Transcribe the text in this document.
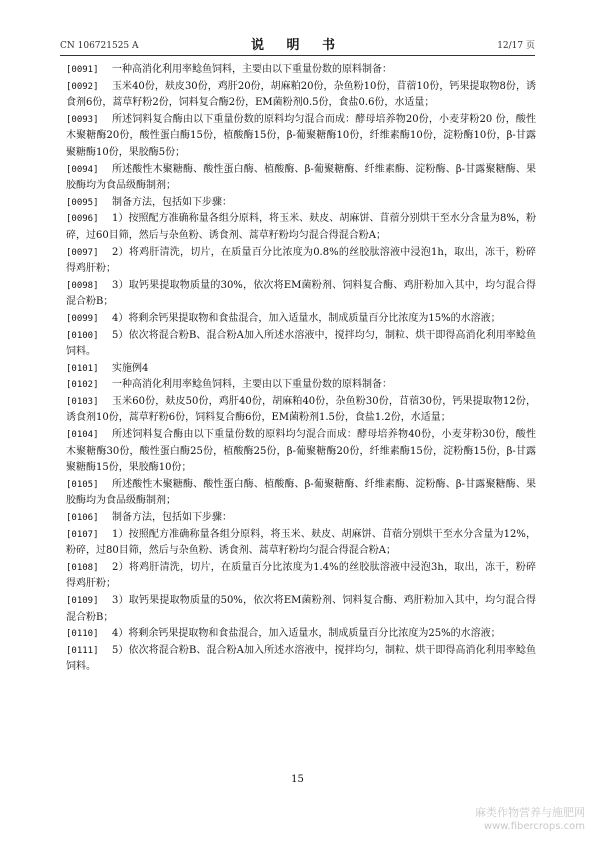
CN 106721525 A	说 明 书	12/17 页

[0091] 一种高消化利用率鲶鱼饲料，主要由以下重量份数的原料制备：

[0092] 玉米40份，麸皮30份，鸡肝20份，胡麻粕20份，杂鱼粉10份，苜蓿10份，钙果提取物8份，诱食剂6份，蒿草籽粉2份，饲料复合酶2份，EM菌粉剂0.5份，食盐0.6份，水适量；

[0093] 所述饲料复合酶由以下重量份数的原料均匀混合而成：酵母培养物20份，小麦芽粉20 份，酸性木聚糖酶20份，酸性蛋白酶15份，植酸酶15份，β-葡聚糖酶10份，纤维素酶10份，淀粉酶10份，β-甘露聚糖酶10份，果胶酶5份；

[0094] 所述酸性木聚糖酶、酸性蛋白酶、植酸酶、β-葡聚糖酶、纤维素酶、淀粉酶、β-甘露聚糖酶、果胶酶均为食品级酶制剂；

[0095] 制备方法，包括如下步骤：

[0096] 1）按照配方准确称量各组分原料，将玉米、麸皮、胡麻饼、苜蓿分别烘干至水分含量为8%，粉碎，过60目筛，然后与杂鱼粉、诱食剂、蒿草籽粉均匀混合得混合粉A；

[0097] 2）将鸡肝清洗，切片，在质量百分比浓度为0.8%的丝胶肽溶液中浸泡1h，取出，冻干，粉碎得鸡肝粉；

[0098] 3）取钙果提取物质量的30%，依次将EM菌粉剂、饲料复合酶、鸡肝粉加入其中，均匀混合得混合粉B；

[0099] 4）将剩余钙果提取物和食盐混合，加入适量水，制成质量百分比浓度为15%的水溶液；

[0100] 5）依次将混合粉B、混合粉A加入所述水溶液中，搅拌均匀，制粒、烘干即得高消化利用率鲶鱼饲料。

[0101] 实施例4

[0102] 一种高消化利用率鲶鱼饲料，主要由以下重量份数的原料制备：

[0103] 玉米60份，麸皮50份，鸡肝40份，胡麻粕40份，杂鱼粉30份，苜蓿30份，钙果提取物12份，诱食剂10份，蒿草籽粉6份，饲料复合酶6份，EM菌粉剂1.5份，食盐1.2份，水适量；

[0104] 所述饲料复合酶由以下重量份数的原料均匀混合而成：酵母培养物40份，小麦芽粉30份，酸性木聚糖酶30份，酸性蛋白酶25份，植酸酶25份，β-葡聚糖酶20份，纤维素酶15份，淀粉酶15份，β-甘露聚糖酶15份，果胶酶10份；

[0105] 所述酸性木聚糖酶、酸性蛋白酶、植酸酶、β-葡聚糖酶、纤维素酶、淀粉酶、β-甘露聚糖酶、果胶酶均为食品级酶制剂；

[0106] 制备方法，包括如下步骤：

[0107] 1）按照配方准确称量各组分原料，将玉米、麸皮、胡麻饼、苜蓿分别烘干至水分含量为12%，粉碎，过80目筛，然后与杂鱼粉、诱食剂、蒿草籽粉均匀混合得混合粉A；

[0108] 2）将鸡肝清洗，切片，在质量百分比浓度为1.4%的丝胶肽溶液中浸泡3h，取出，冻干，粉碎得鸡肝粉；

[0109] 3）取钙果提取物质量的50%，依次将EM菌粉剂、饲料复合酶、鸡肝粉加入其中，均匀混合得混合粉B；

[0110] 4）将剩余钙果提取物和食盐混合，加入适量水，制成质量百分比浓度为25%的水溶液；

[0111] 5）依次将混合粉B、混合粉A加入所述水溶液中，搅拌均匀，制粒、烘干即得高消化利用率鲶鱼饲料。

15
麻类作物营养与施肥网
www.fibercrops.com
